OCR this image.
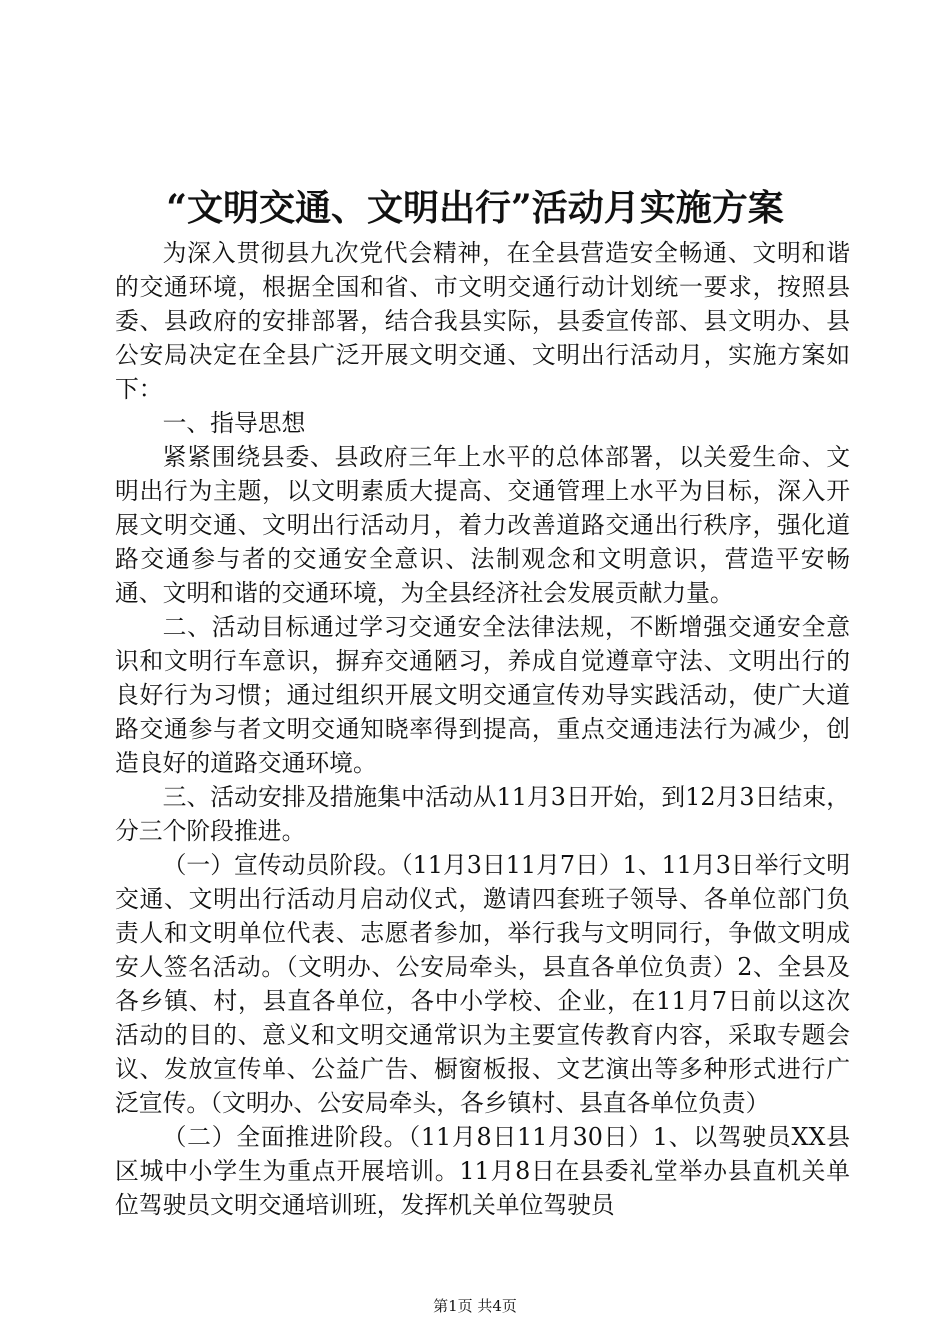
“文明交通、文明出行”活动月实施方案

为深入贯彻县九次党代会精神，在全县营造安全畅通、文明和谐的交通环境，根据全国和省、市文明交通行动计划统一要求，按照县委、县政府的安排部署，结合我县实际，县委宣传部、县文明办、县公安局决定在全县广泛开展文明交通、文明出行活动月，实施方案如下：

一、指导思想

紧紧围绕县委、县政府三年上水平的总体部署，以关爱生命、文明出行为主题，以文明素质大提高、交通管理上水平为目标，深入开展文明交通、文明出行活动月，着力改善道路交通出行秩序，强化道路交通参与者的交通安全意识、法制观念和文明意识，营造平安畅通、文明和谐的交通环境，为全县经济社会发展贡献力量。

二、活动目标通过学习交通安全法律法规，不断增强交通安全意识和文明行车意识，摒弃交通陋习，养成自觉遵章守法、文明出行的良好行为习惯；通过组织开展文明交通宣传劝导实践活动，使广大道路交通参与者文明交通知晓率得到提高，重点交通违法行为减少，创造良好的道路交通环境。

三、活动安排及措施集中活动从11月3日开始，到12月3日结束，分三个阶段推进。

（一）宣传动员阶段。（11月3日11月7日）1、11月3日举行文明交通、文明出行活动月启动仪式，邀请四套班子领导、各单位部门负责人和文明单位代表、志愿者参加，举行我与文明同行，争做文明成安人签名活动。（文明办、公安局牵头，县直各单位负责）2、全县及各乡镇、村，县直各单位，各中小学校、企业，在11月7日前以这次活动的目的、意义和文明交通常识为主要宣传教育内容，采取专题会议、发放宣传单、公益广告、橱窗板报、文艺演出等多种形式进行广泛宣传。（文明办、公安局牵头，各乡镇村、县直各单位负责）

（二）全面推进阶段。（11月8日11月30日）1、以驾驶员XX县区城中小学生为重点开展培训。11月8日在县委礼堂举办县直机关单位驾驶员文明交通培训班，发挥机关单位驾驶员

第1页 共4页
